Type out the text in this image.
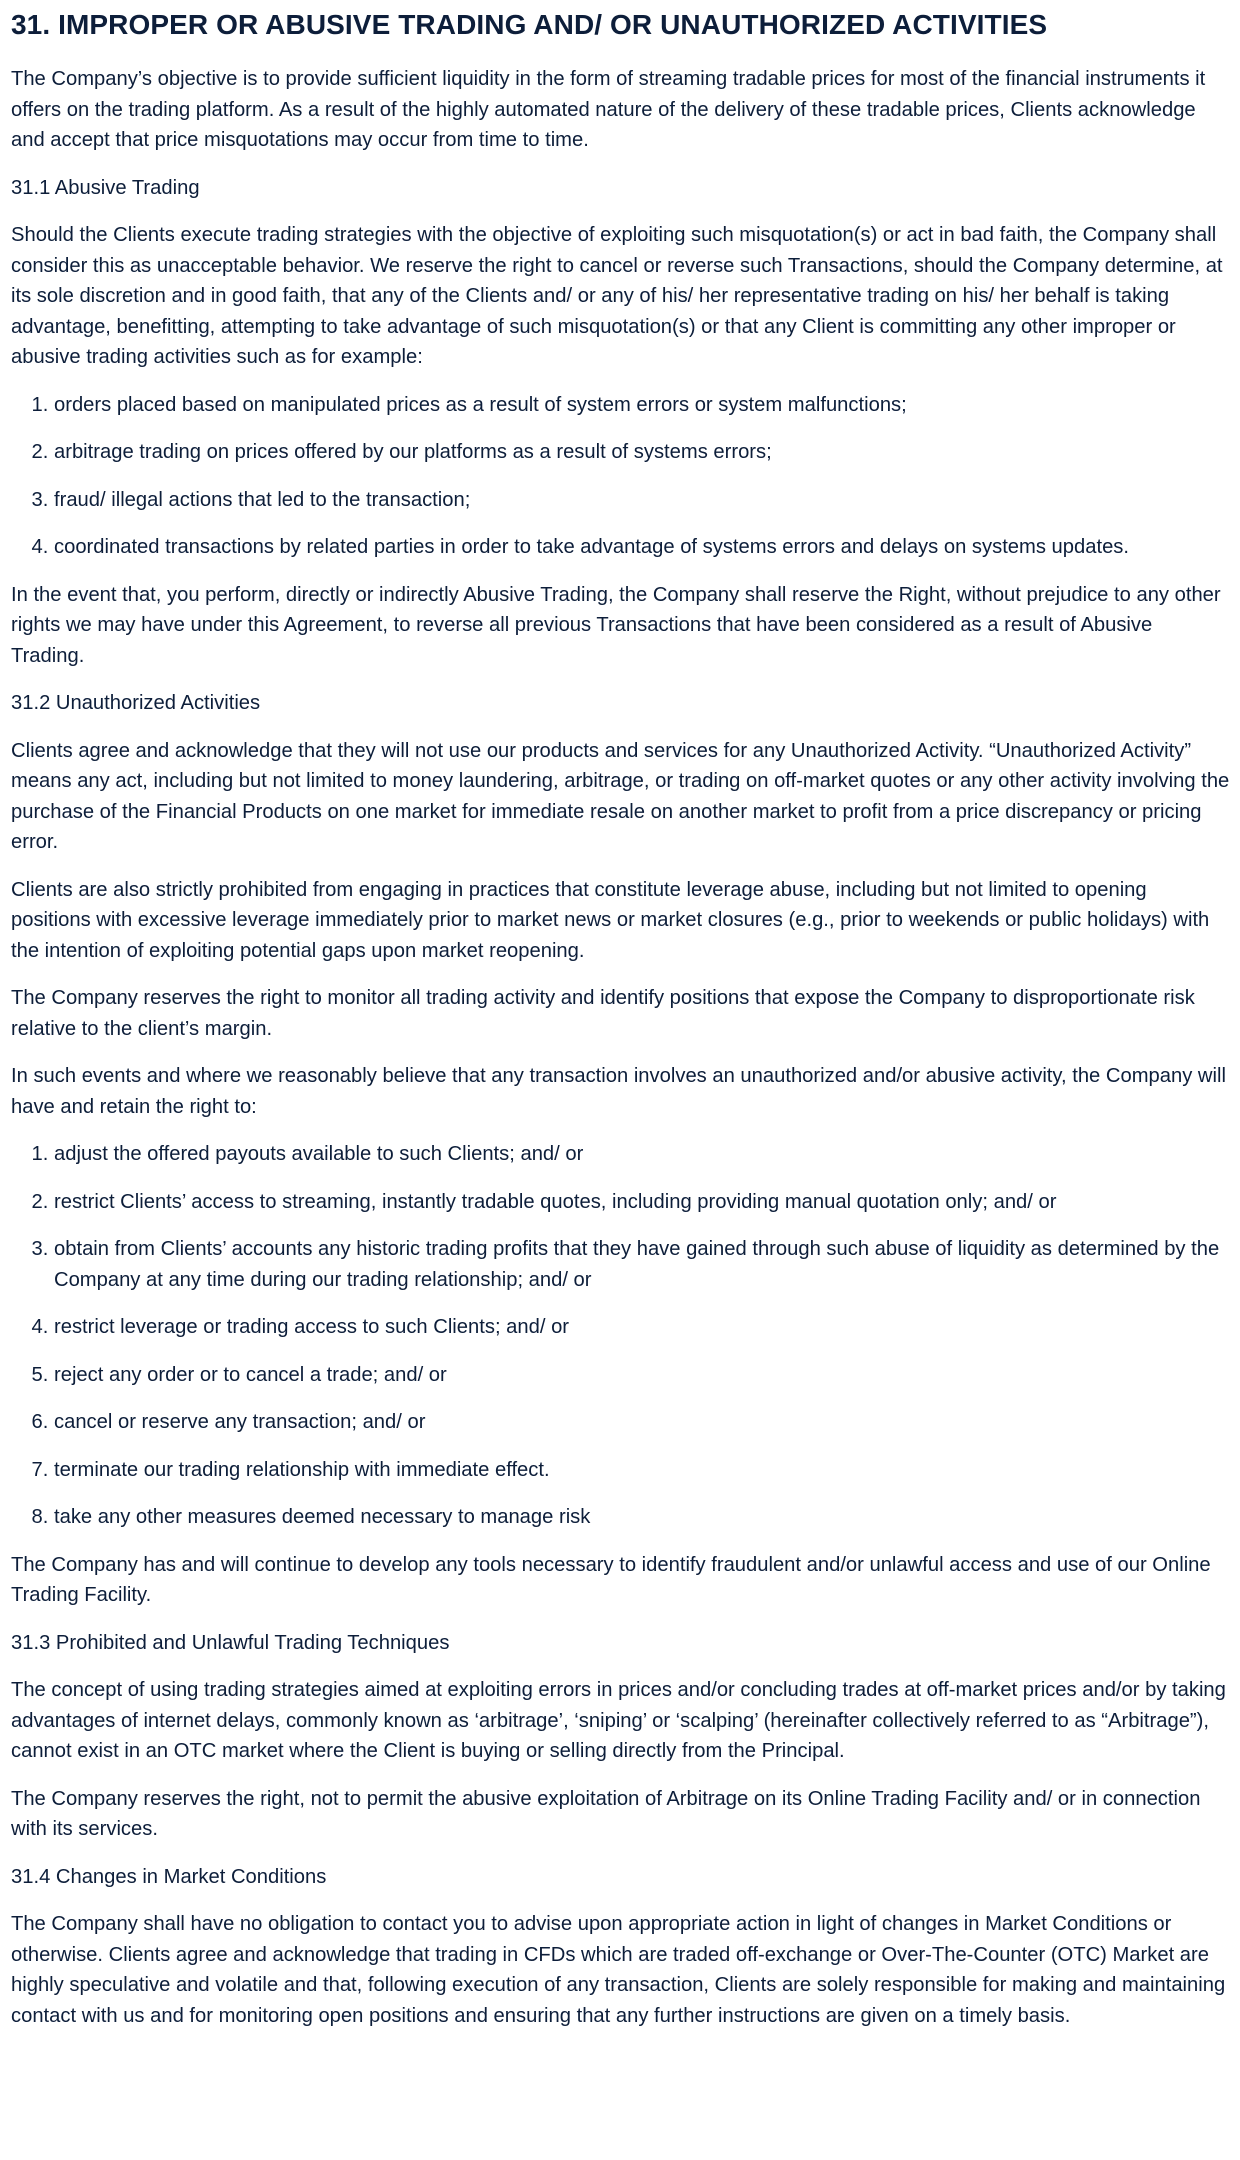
31. IMPROPER OR ABUSIVE TRADING AND/ OR UNAUTHORIZED ACTIVITIES

The Company’s objective is to provide sufficient liquidity in the form of streaming tradable prices for most of the financial instruments it offers on the trading platform. As a result of the highly automated nature of the delivery of these tradable prices, Clients acknowledge and accept that price misquotations may occur from time to time.

31.1 Abusive Trading

Should the Clients execute trading strategies with the objective of exploiting such misquotation(s) or act in bad faith, the Company shall consider this as unacceptable behavior. We reserve the right to cancel or reverse such Transactions, should the Company determine, at its sole discretion and in good faith, that any of the Clients and/ or any of his/ her representative trading on his/ her behalf is taking advantage, benefitting, attempting to take advantage of such misquotation(s) or that any Client is committing any other improper or abusive trading activities such as for example:

1. orders placed based on manipulated prices as a result of system errors or system malfunctions;
2. arbitrage trading on prices offered by our platforms as a result of systems errors;
3. fraud/ illegal actions that led to the transaction;
4. coordinated transactions by related parties in order to take advantage of systems errors and delays on systems updates.

In the event that, you perform, directly or indirectly Abusive Trading, the Company shall reserve the Right, without prejudice to any other rights we may have under this Agreement, to reverse all previous Transactions that have been considered as a result of Abusive Trading.

31.2 Unauthorized Activities

Clients agree and acknowledge that they will not use our products and services for any Unauthorized Activity. “Unauthorized Activity” means any act, including but not limited to money laundering, arbitrage, or trading on off-market quotes or any other activity involving the purchase of the Financial Products on one market for immediate resale on another market to profit from a price discrepancy or pricing error.

Clients are also strictly prohibited from engaging in practices that constitute leverage abuse, including but not limited to opening positions with excessive leverage immediately prior to market news or market closures (e.g., prior to weekends or public holidays) with the intention of exploiting potential gaps upon market reopening.

The Company reserves the right to monitor all trading activity and identify positions that expose the Company to disproportionate risk relative to the client’s margin.

In such events and where we reasonably believe that any transaction involves an unauthorized and/or abusive activity, the Company will have and retain the right to:

1. adjust the offered payouts available to such Clients; and/ or
2. restrict Clients’ access to streaming, instantly tradable quotes, including providing manual quotation only; and/ or
3. obtain from Clients’ accounts any historic trading profits that they have gained through such abuse of liquidity as determined by the Company at any time during our trading relationship; and/ or
4. restrict leverage or trading access to such Clients; and/ or
5. reject any order or to cancel a trade; and/ or
6. cancel or reserve any transaction; and/ or
7. terminate our trading relationship with immediate effect.
8. take any other measures deemed necessary to manage risk

The Company has and will continue to develop any tools necessary to identify fraudulent and/or unlawful access and use of our Online Trading Facility.

31.3 Prohibited and Unlawful Trading Techniques

The concept of using trading strategies aimed at exploiting errors in prices and/or concluding trades at off-market prices and/or by taking advantages of internet delays, commonly known as ‘arbitrage’, ‘sniping’ or ‘scalping’ (hereinafter collectively referred to as “Arbitrage”), cannot exist in an OTC market where the Client is buying or selling directly from the Principal.

The Company reserves the right, not to permit the abusive exploitation of Arbitrage on its Online Trading Facility and/ or in connection with its services.

31.4 Changes in Market Conditions

The Company shall have no obligation to contact you to advise upon appropriate action in light of changes in Market Conditions or otherwise. Clients agree and acknowledge that trading in CFDs which are traded off-exchange or Over-The-Counter (OTC) Market are highly speculative and volatile and that, following execution of any transaction, Clients are solely responsible for making and maintaining contact with us and for monitoring open positions and ensuring that any further instructions are given on a timely basis.
